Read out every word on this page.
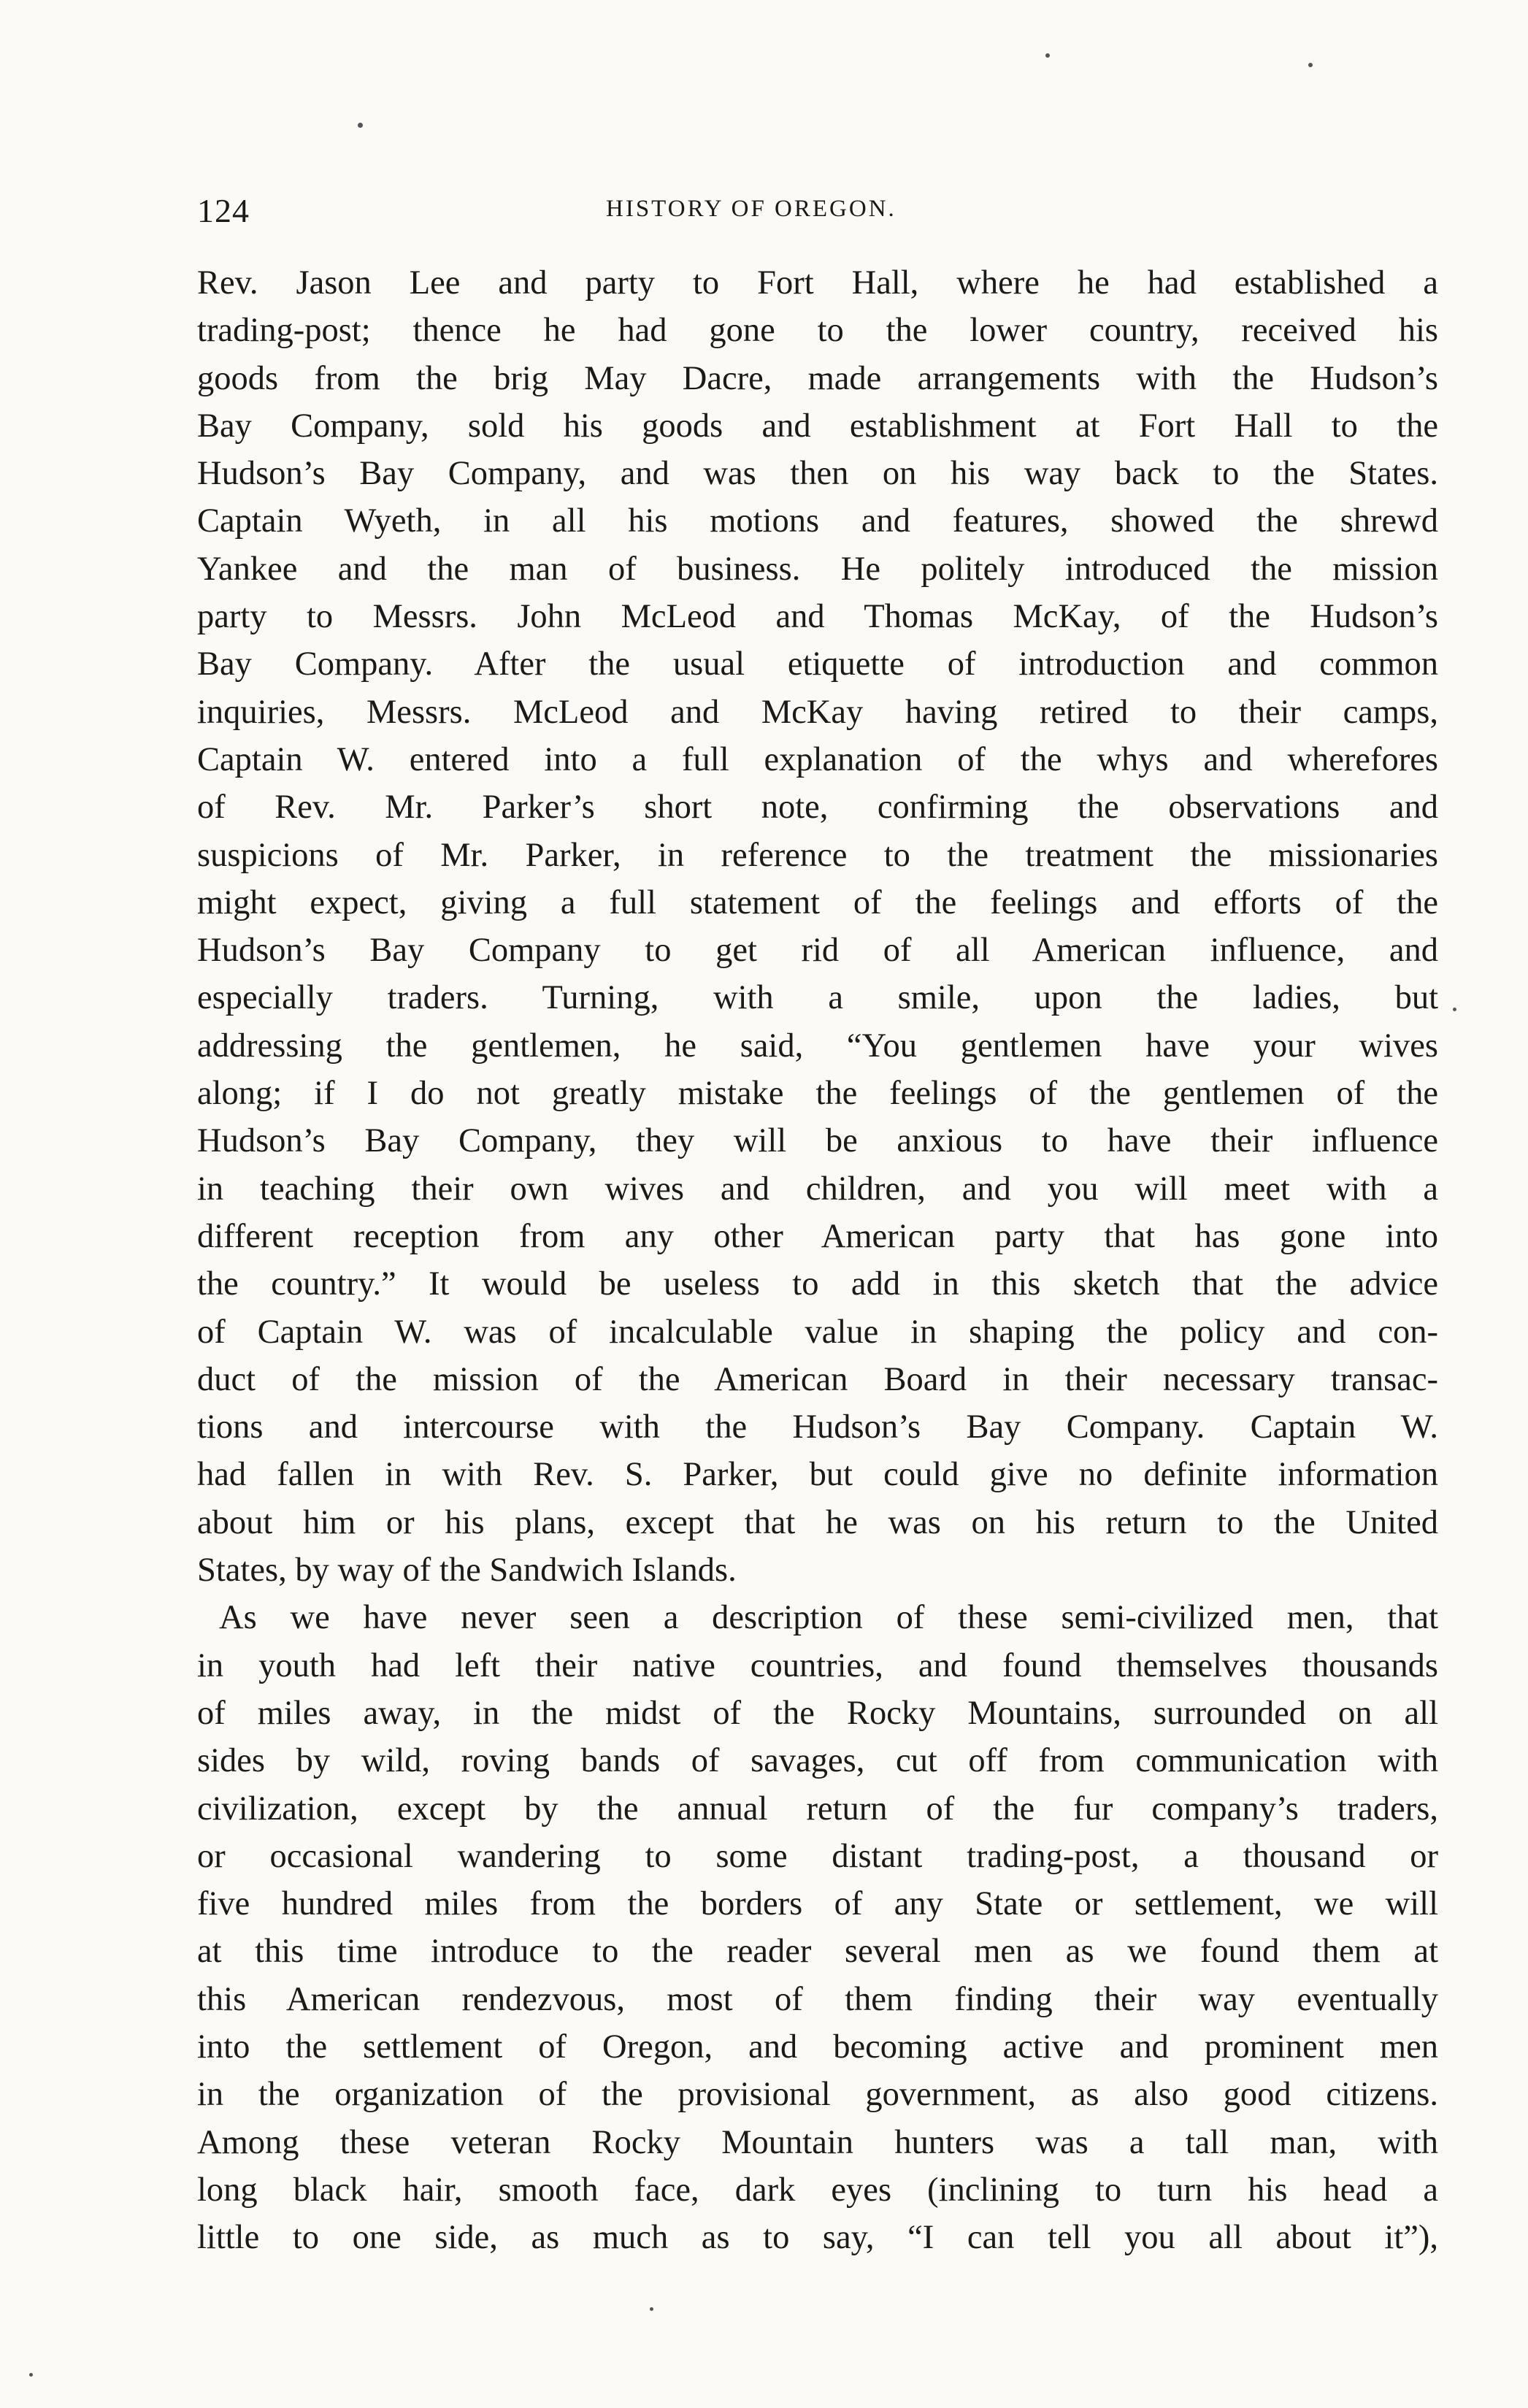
124	HISTORY OF OREGON.
Rev. Jason Lee and party to Fort Hall, where he had established a
trading-post; thence he had gone to the lower country, received his
goods from the brig May Dacre, made arrangements with the Hudson’s
Bay Company, sold his goods and establishment at Fort Hall to the
Hudson’s Bay Company, and was then on his way back to the States.
Captain Wyeth, in all his motions and features, showed the shrewd
Yankee and the man of business. He politely introduced the mission
party to Messrs. John McLeod and Thomas McKay, of the Hudson’s
Bay Company. After the usual etiquette of introduction and common
inquiries, Messrs. McLeod and McKay having retired to their camps,
Captain W. entered into a full explanation of the whys and wherefores
of Rev. Mr. Parker’s short note, confirming the observations and
suspicions of Mr. Parker, in reference to the treatment the missionaries
might expect, giving a full statement of the feelings and efforts of the
Hudson’s Bay Company to get rid of all American influence, and
especially traders. Turning, with a smile, upon the ladies, but
addressing the gentlemen, he said, “You gentlemen have your wives
along; if I do not greatly mistake the feelings of the gentlemen of the
Hudson’s Bay Company, they will be anxious to have their influence
in teaching their own wives and children, and you will meet with a
different reception from any other American party that has gone into
the country.” It would be useless to add in this sketch that the advice
of Captain W. was of incalculable value in shaping the policy and con-
duct of the mission of the American Board in their necessary transac-
tions and intercourse with the Hudson’s Bay Company. Captain W.
had fallen in with Rev. S. Parker, but could give no definite information
about him or his plans, except that he was on his return to the United
States, by way of the Sandwich Islands.
As we have never seen a description of these semi-civilized men, that
in youth had left their native countries, and found themselves thousands
of miles away, in the midst of the Rocky Mountains, surrounded on all
sides by wild, roving bands of savages, cut off from communication with
civilization, except by the annual return of the fur company’s traders,
or occasional wandering to some distant trading-post, a thousand or
five hundred miles from the borders of any State or settlement, we will
at this time introduce to the reader several men as we found them at
this American rendezvous, most of them finding their way eventually
into the settlement of Oregon, and becoming active and prominent men
in the organization of the provisional government, as also good citizens.
Among these veteran Rocky Mountain hunters was a tall man, with
long black hair, smooth face, dark eyes (inclining to turn his head a
little to one side, as much as to say, “I can tell you all about it”),
